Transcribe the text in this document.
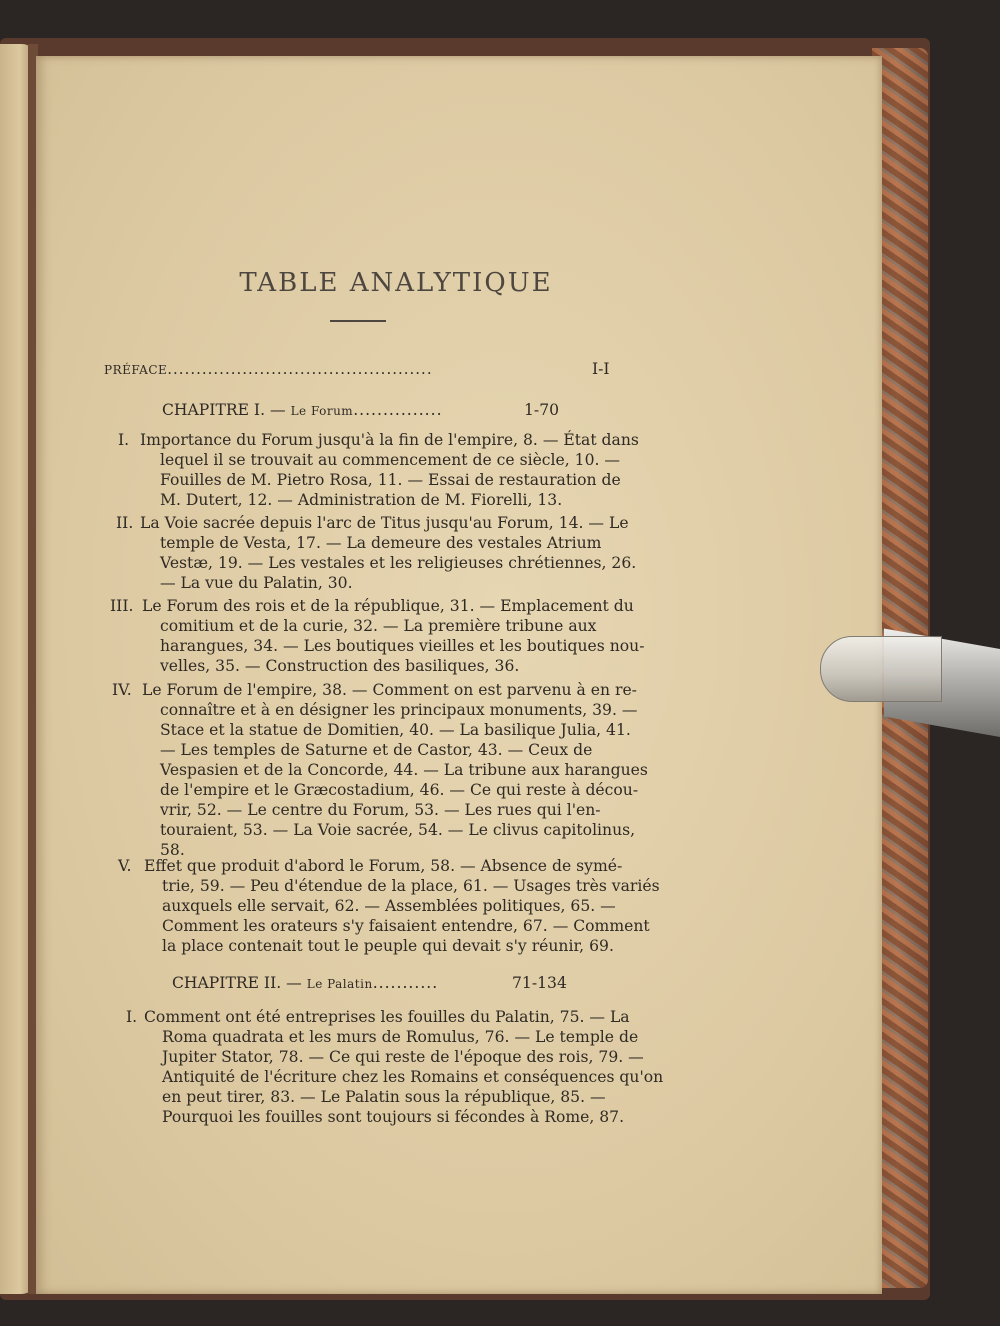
TABLE ANALYTIQUE
PRÉFACE..............................................	I-I
CHAPITRE I. — Le Forum...............	1-70
I. Importance du Forum jusqu'à la fin de l'empire, 8. — État dans
lequel il se trouvait au commencement de ce siècle, 10. —
Fouilles de M. Pietro Rosa, 11. — Essai de restauration de
M. Dutert, 12. — Administration de M. Fiorelli, 13.
II. La Voie sacrée depuis l'arc de Titus jusqu'au Forum, 14. — Le
temple de Vesta, 17. — La demeure des vestales Atrium
Vestæ, 19. — Les vestales et les religieuses chrétiennes, 26.
— La vue du Palatin, 30.
III. Le Forum des rois et de la république, 31. — Emplacement du
comitium et de la curie, 32. — La première tribune aux
harangues, 34. — Les boutiques vieilles et les boutiques nou-
velles, 35. — Construction des basiliques, 36.
IV. Le Forum de l'empire, 38. — Comment on est parvenu à en re-
connaître et à en désigner les principaux monuments, 39. —
Stace et la statue de Domitien, 40. — La basilique Julia, 41.
— Les temples de Saturne et de Castor, 43. — Ceux de
Vespasien et de la Concorde, 44. — La tribune aux harangues
de l'empire et le Græcostadium, 46. — Ce qui reste à décou-
vrir, 52. — Le centre du Forum, 53. — Les rues qui l'en-
touraient, 53. — La Voie sacrée, 54. — Le clivus capitolinus,
58.
V. Effet que produit d'abord le Forum, 58. — Absence de symé-
trie, 59. — Peu d'étendue de la place, 61. — Usages très variés
auxquels elle servait, 62. — Assemblées politiques, 65. —
Comment les orateurs s'y faisaient entendre, 67. — Comment
la place contenait tout le peuple qui devait s'y réunir, 69.
CHAPITRE II. — Le Palatin...........	71-134
I. Comment ont été entreprises les fouilles du Palatin, 75. — La
Roma quadrata et les murs de Romulus, 76. — Le temple de
Jupiter Stator, 78. — Ce qui reste de l'époque des rois, 79. —
Antiquité de l'écriture chez les Romains et conséquences qu'on
en peut tirer, 83. — Le Palatin sous la république, 85. —
Pourquoi les fouilles sont toujours si fécondes à Rome, 87.
